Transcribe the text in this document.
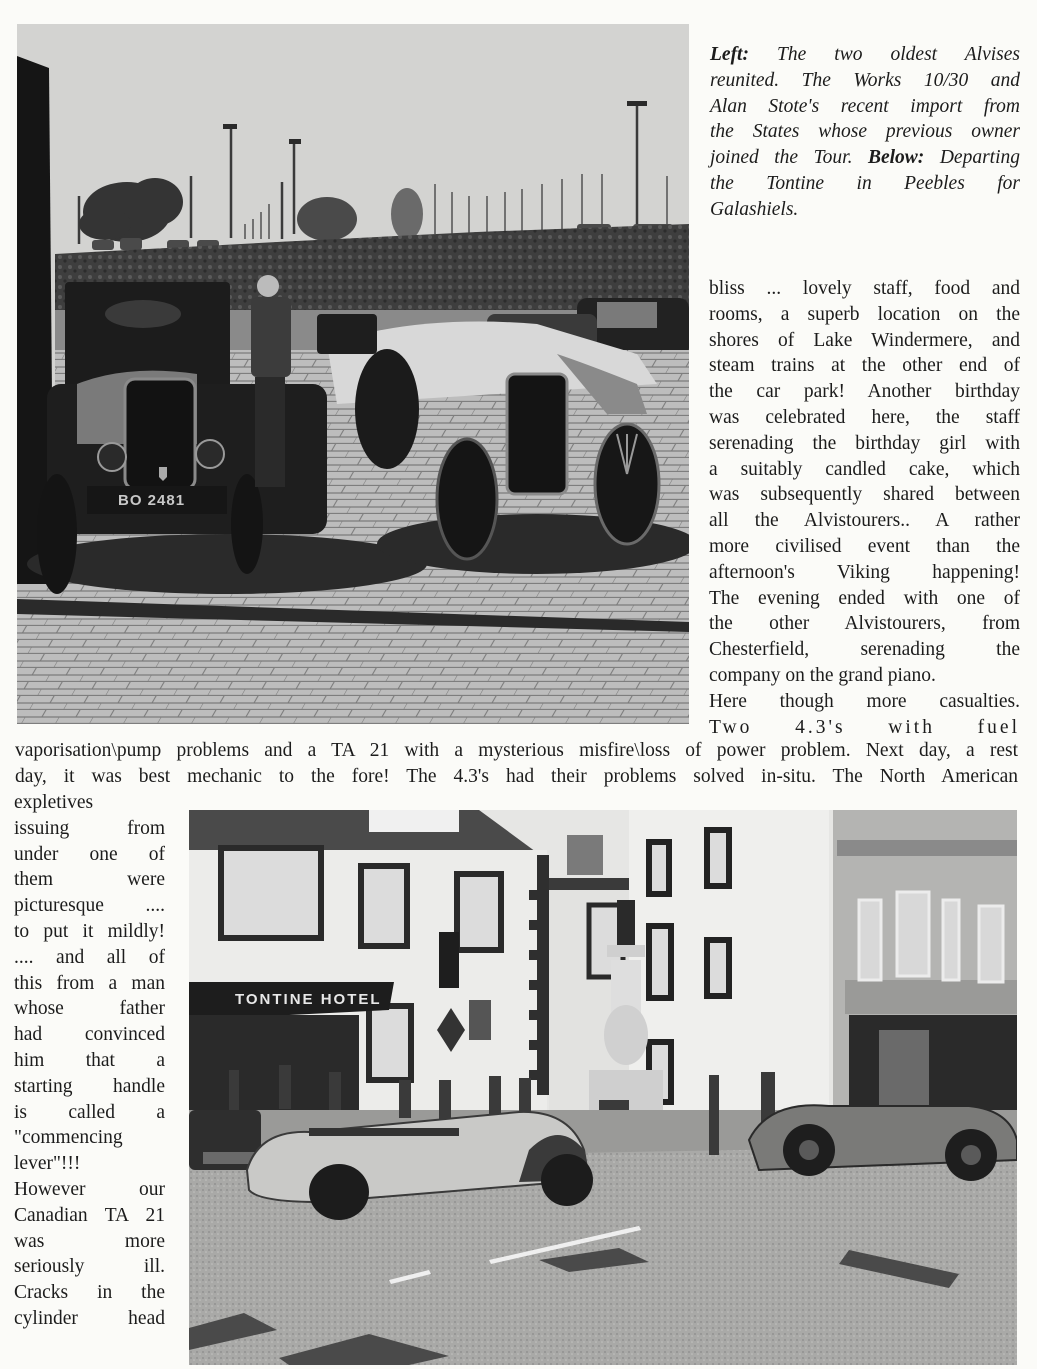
BO 2481
Left: The two oldest Alvises
reunited. The Works 10/30 and
Alan Stote's recent import from
the States whose previous owner
joined the Tour. Below: Departing
the Tontine in Peebles for
Galashiels.
bliss ... lovely staff, food and
rooms, a superb location on the
shores of Lake Windermere, and
steam trains at the other end of
the car park! Another birthday
was celebrated here, the staff
serenading the birthday girl with
a suitably candled cake, which
was subsequently shared between
all the Alvistourers.. A rather
more civilised event than the
afternoon's Viking happening!
The evening ended with one of
the other Alvistourers, from
Chesterfield, serenading the
company on the grand piano.
Here though more casualties.
Two 4.3's with fuel
vaporisation\pump problems and a TA 21 with a mysterious misfire\loss of power problem. Next day, a rest
day, it was best mechanic to the fore! The 4.3's had their problems solved in-situ. The North American
expletives
issuing from
under one of
them were
picturesque ....
to put it mildly!
.... and all of
this from a man
whose father
had convinced
him that a
starting handle
is called a
"commencing
lever"!!!
However our
Canadian TA 21
was more
seriously ill.
Cracks in the
cylinder head
TONTINE HOTEL
